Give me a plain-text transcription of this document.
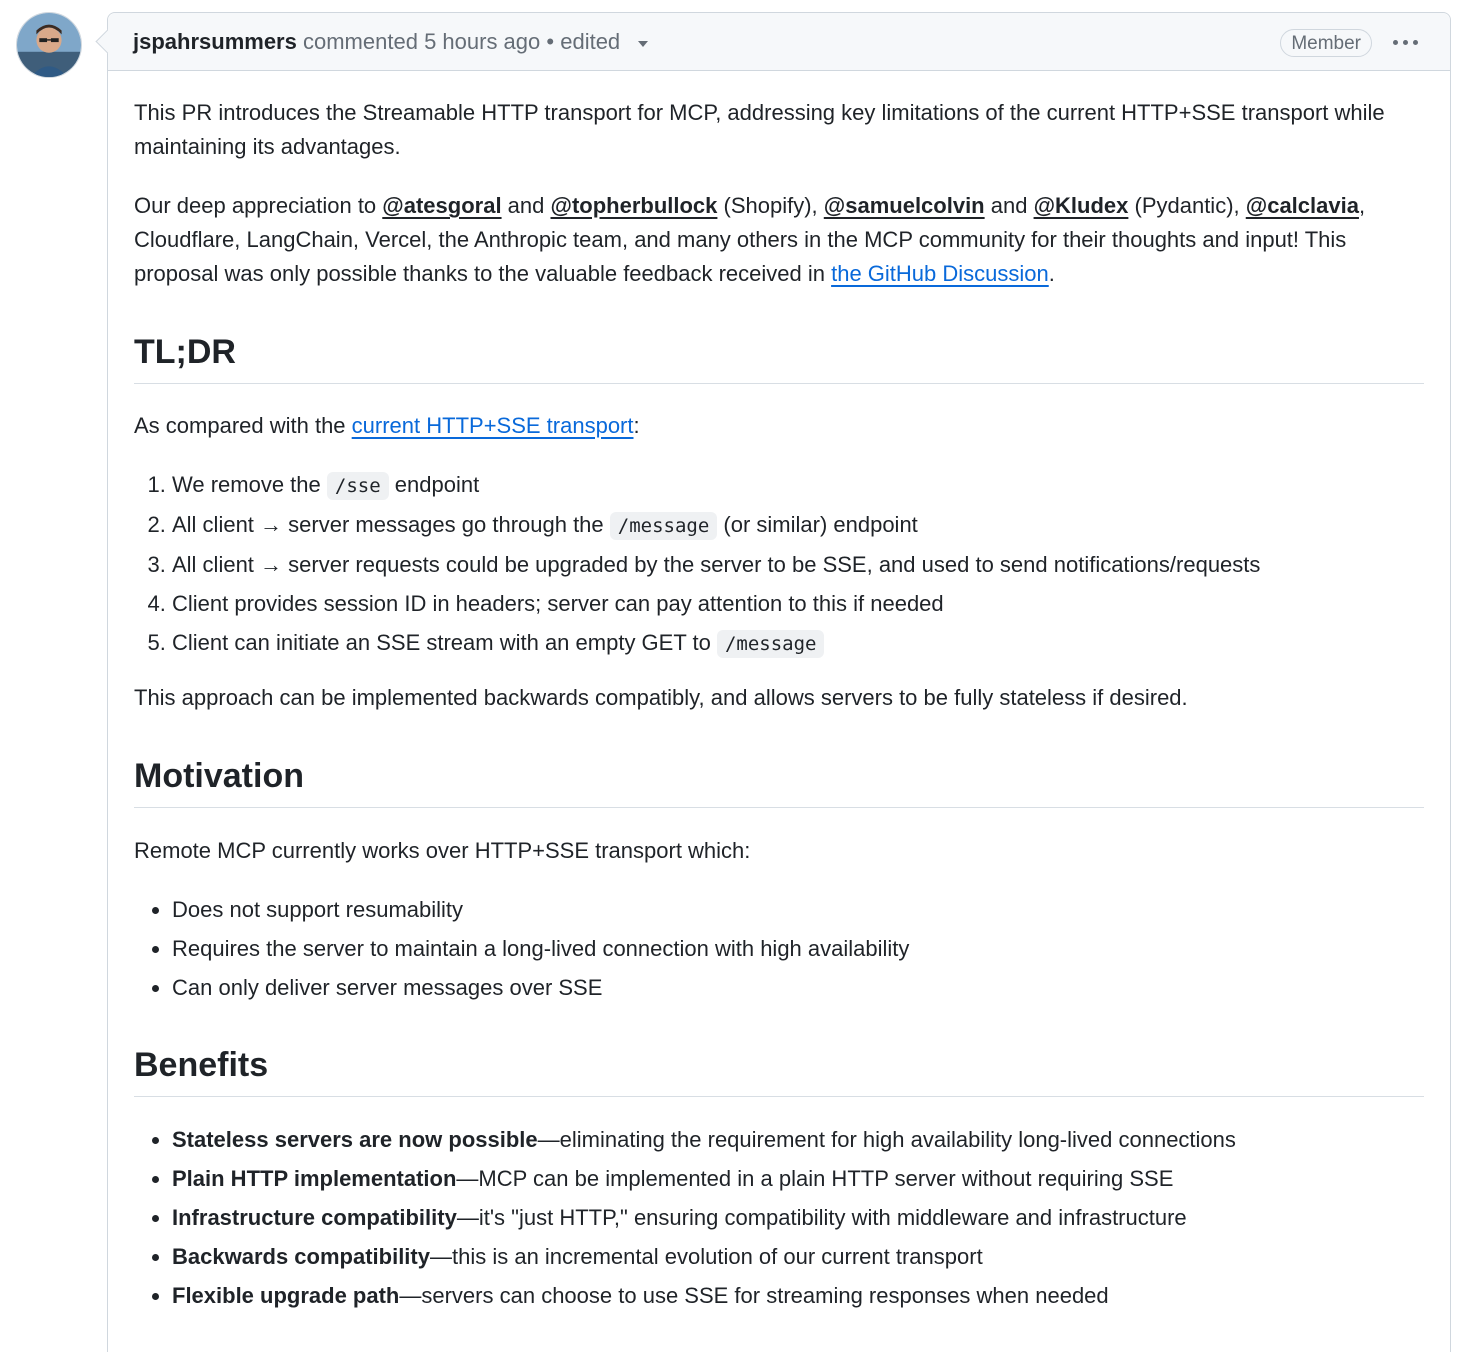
jspahrsummers
commented
5 hours ago
•
edited	Member

This PR introduces the Streamable HTTP transport for MCP, addressing key limitations of the current HTTP+SSE transport while maintaining its advantages.

Our deep appreciation to @atesgoral and @topherbullock (Shopify), @samuelcolvin and @Kludex (Pydantic), @calclavia, Cloudflare, LangChain, Vercel, the Anthropic team, and many others in the MCP community for their thoughts and input! This proposal was only possible thanks to the valuable feedback received in the GitHub Discussion.

TL;DR

As compared with the current HTTP+SSE transport:

1. We remove the /sse endpoint
2. All client → server messages go through the /message (or similar) endpoint
3. All client → server requests could be upgraded by the server to be SSE, and used to send notifications/requests
4. Client provides session ID in headers; server can pay attention to this if needed
5. Client can initiate an SSE stream with an empty GET to /message

This approach can be implemented backwards compatibly, and allows servers to be fully stateless if desired.

Motivation

Remote MCP currently works over HTTP+SSE transport which:

• Does not support resumability
• Requires the server to maintain a long-lived connection with high availability
• Can only deliver server messages over SSE
Benefits
• Stateless servers are now possible—eliminating the requirement for high availability long-lived connections
• Plain HTTP implementation—MCP can be implemented in a plain HTTP server without requiring SSE
• Infrastructure compatibility—it's "just HTTP," ensuring compatibility with middleware and infrastructure
• Backwards compatibility—this is an incremental evolution of our current transport
• Flexible upgrade path—servers can choose to use SSE for streaming responses when needed
